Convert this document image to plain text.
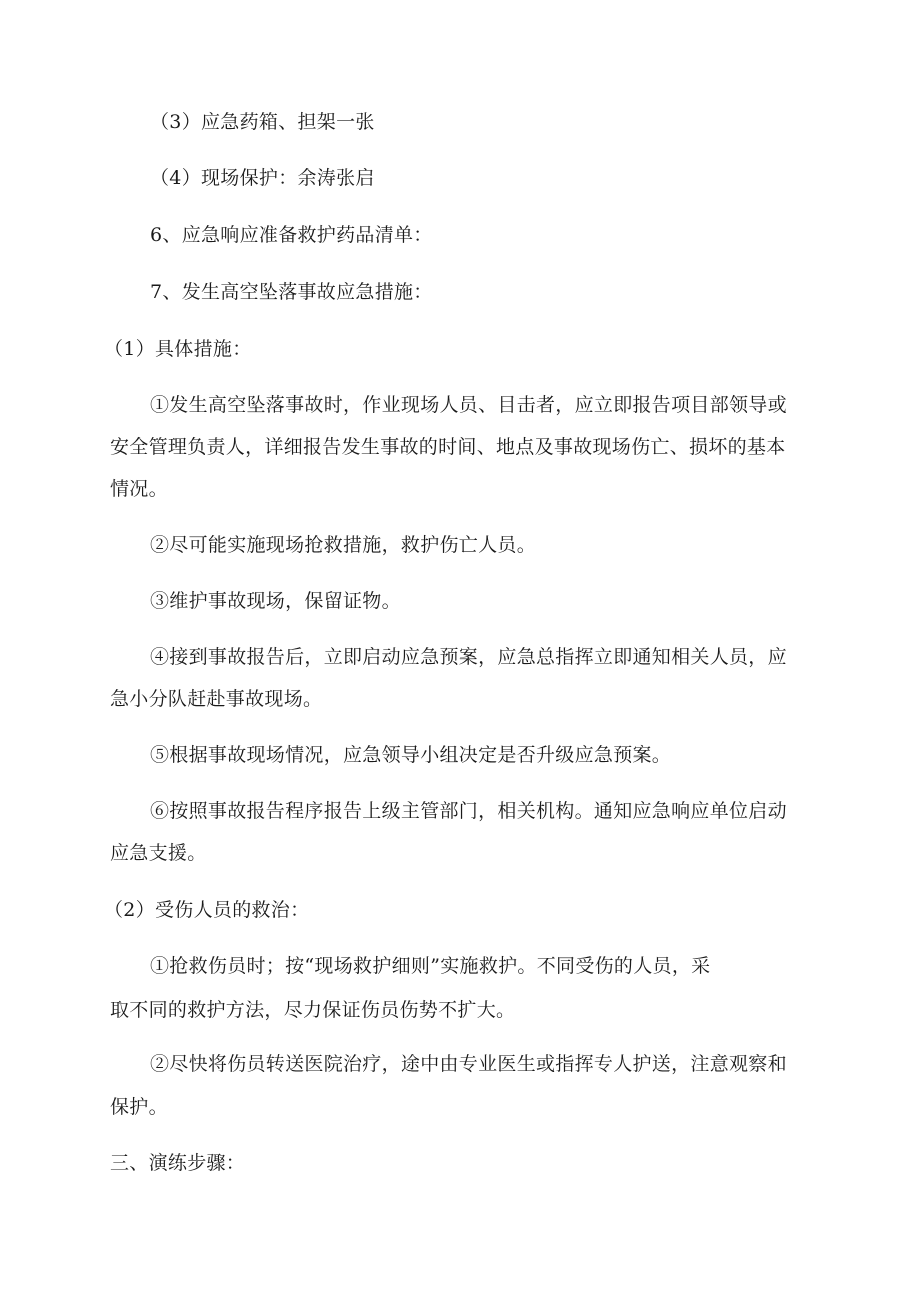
（3）应急药箱、担架一张
（4）现场保护：余涛张启
6、应急响应准备救护药品清单：
7、发生高空坠落事故应急措施：
（1）具体措施：
①发生高空坠落事故时，作业现场人员、目击者，应立即报告项目部领导或
安全管理负责人，详细报告发生事故的时间、地点及事故现场伤亡、损坏的基本
情况。
②尽可能实施现场抢救措施，救护伤亡人员。
③维护事故现场，保留证物。
④接到事故报告后，立即启动应急预案，应急总指挥立即通知相关人员，应
急小分队赶赴事故现场。
⑤根据事故现场情况，应急领导小组决定是否升级应急预案。
⑥按照事故报告程序报告上级主管部门，相关机构。通知应急响应单位启动
应急支援。
（2）受伤人员的救治：
①抢救伤员时；按“现场救护细则”实施救护。不同受伤的人员，采
取不同的救护方法，尽力保证伤员伤势不扩大。
②尽快将伤员转送医院治疗，途中由专业医生或指挥专人护送，注意观察和
保护。
三、演练步骤：
